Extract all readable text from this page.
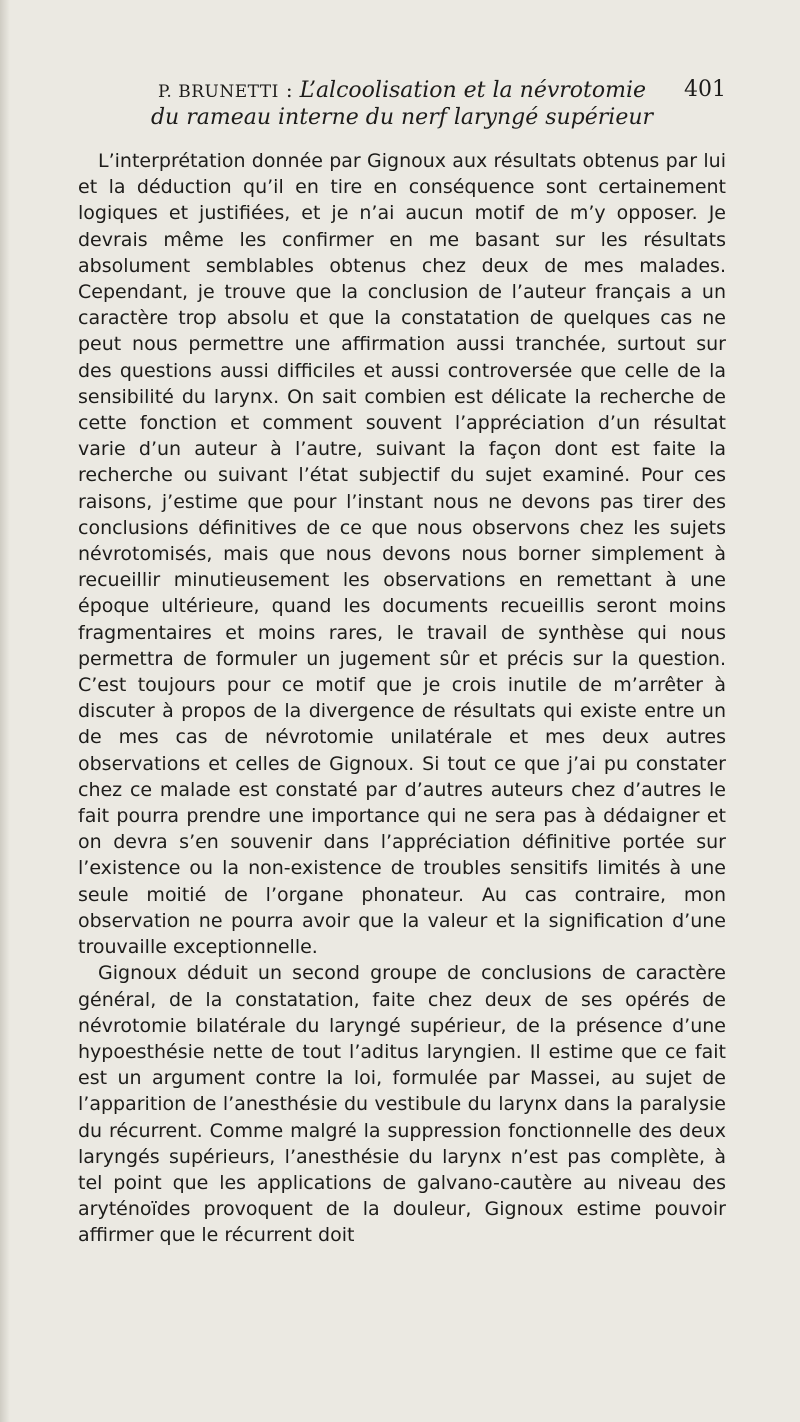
P. BRUNETTI : L’alcoolisation et la névrotomie 401
du rameau interne du nerf laryngé supérieur

L’interprétation donnée par Gignoux aux résultats obtenus par lui et la déduction qu’il en tire en conséquence sont certainement logiques et justifiées, et je n’ai aucun motif de m’y opposer. Je devrais même les confirmer en me basant sur les résultats absolument semblables obtenus chez deux de mes malades. Cependant, je trouve que la conclusion de l’auteur français a un caractère trop absolu et que la constatation de quelques cas ne peut nous permettre une affirmation aussi tranchée, surtout sur des questions aussi difficiles et aussi controversée que celle de la sensibilité du larynx. On sait combien est délicate la recherche de cette fonction et comment souvent l’appréciation d’un résultat varie d’un auteur à l’autre, suivant la façon dont est faite la recherche ou suivant l’état subjectif du sujet examiné. Pour ces raisons, j’estime que pour l’instant nous ne devons pas tirer des conclusions définitives de ce que nous observons chez les sujets névrotomisés, mais que nous devons nous borner simplement à recueillir minutieusement les observations en remettant à une époque ultérieure, quand les documents recueillis seront moins fragmentaires et moins rares, le travail de synthèse qui nous permettra de formuler un jugement sûr et précis sur la question. C’est toujours pour ce motif que je crois inutile de m’arrêter à discuter à propos de la divergence de résultats qui existe entre un de mes cas de névrotomie unilatérale et mes deux autres observations et celles de Gignoux. Si tout ce que j’ai pu constater chez ce malade est constaté par d’autres auteurs chez d’autres le fait pourra prendre une importance qui ne sera pas à dédaigner et on devra s’en souvenir dans l’appréciation définitive portée sur l’existence ou la non-existence de troubles sensitifs limités à une seule moitié de l’organe phonateur. Au cas contraire, mon observation ne pourra avoir que la valeur et la signification d’une trouvaille exceptionnelle.

Gignoux déduit un second groupe de conclusions de caractère général, de la constatation, faite chez deux de ses opérés de névrotomie bilatérale du laryngé supérieur, de la présence d’une hypoesthésie nette de tout l’aditus laryngien. Il estime que ce fait est un argument contre la loi, formulée par Massei, au sujet de l’apparition de l’anesthésie du vestibule du larynx dans la paralysie du récurrent. Comme malgré la suppression fonctionnelle des deux laryngés supérieurs, l’anesthésie du larynx n’est pas complète, à tel point que les applications de galvano-cautère au niveau des aryténoïdes provoquent de la douleur, Gignoux estime pouvoir affirmer que le récurrent doit
